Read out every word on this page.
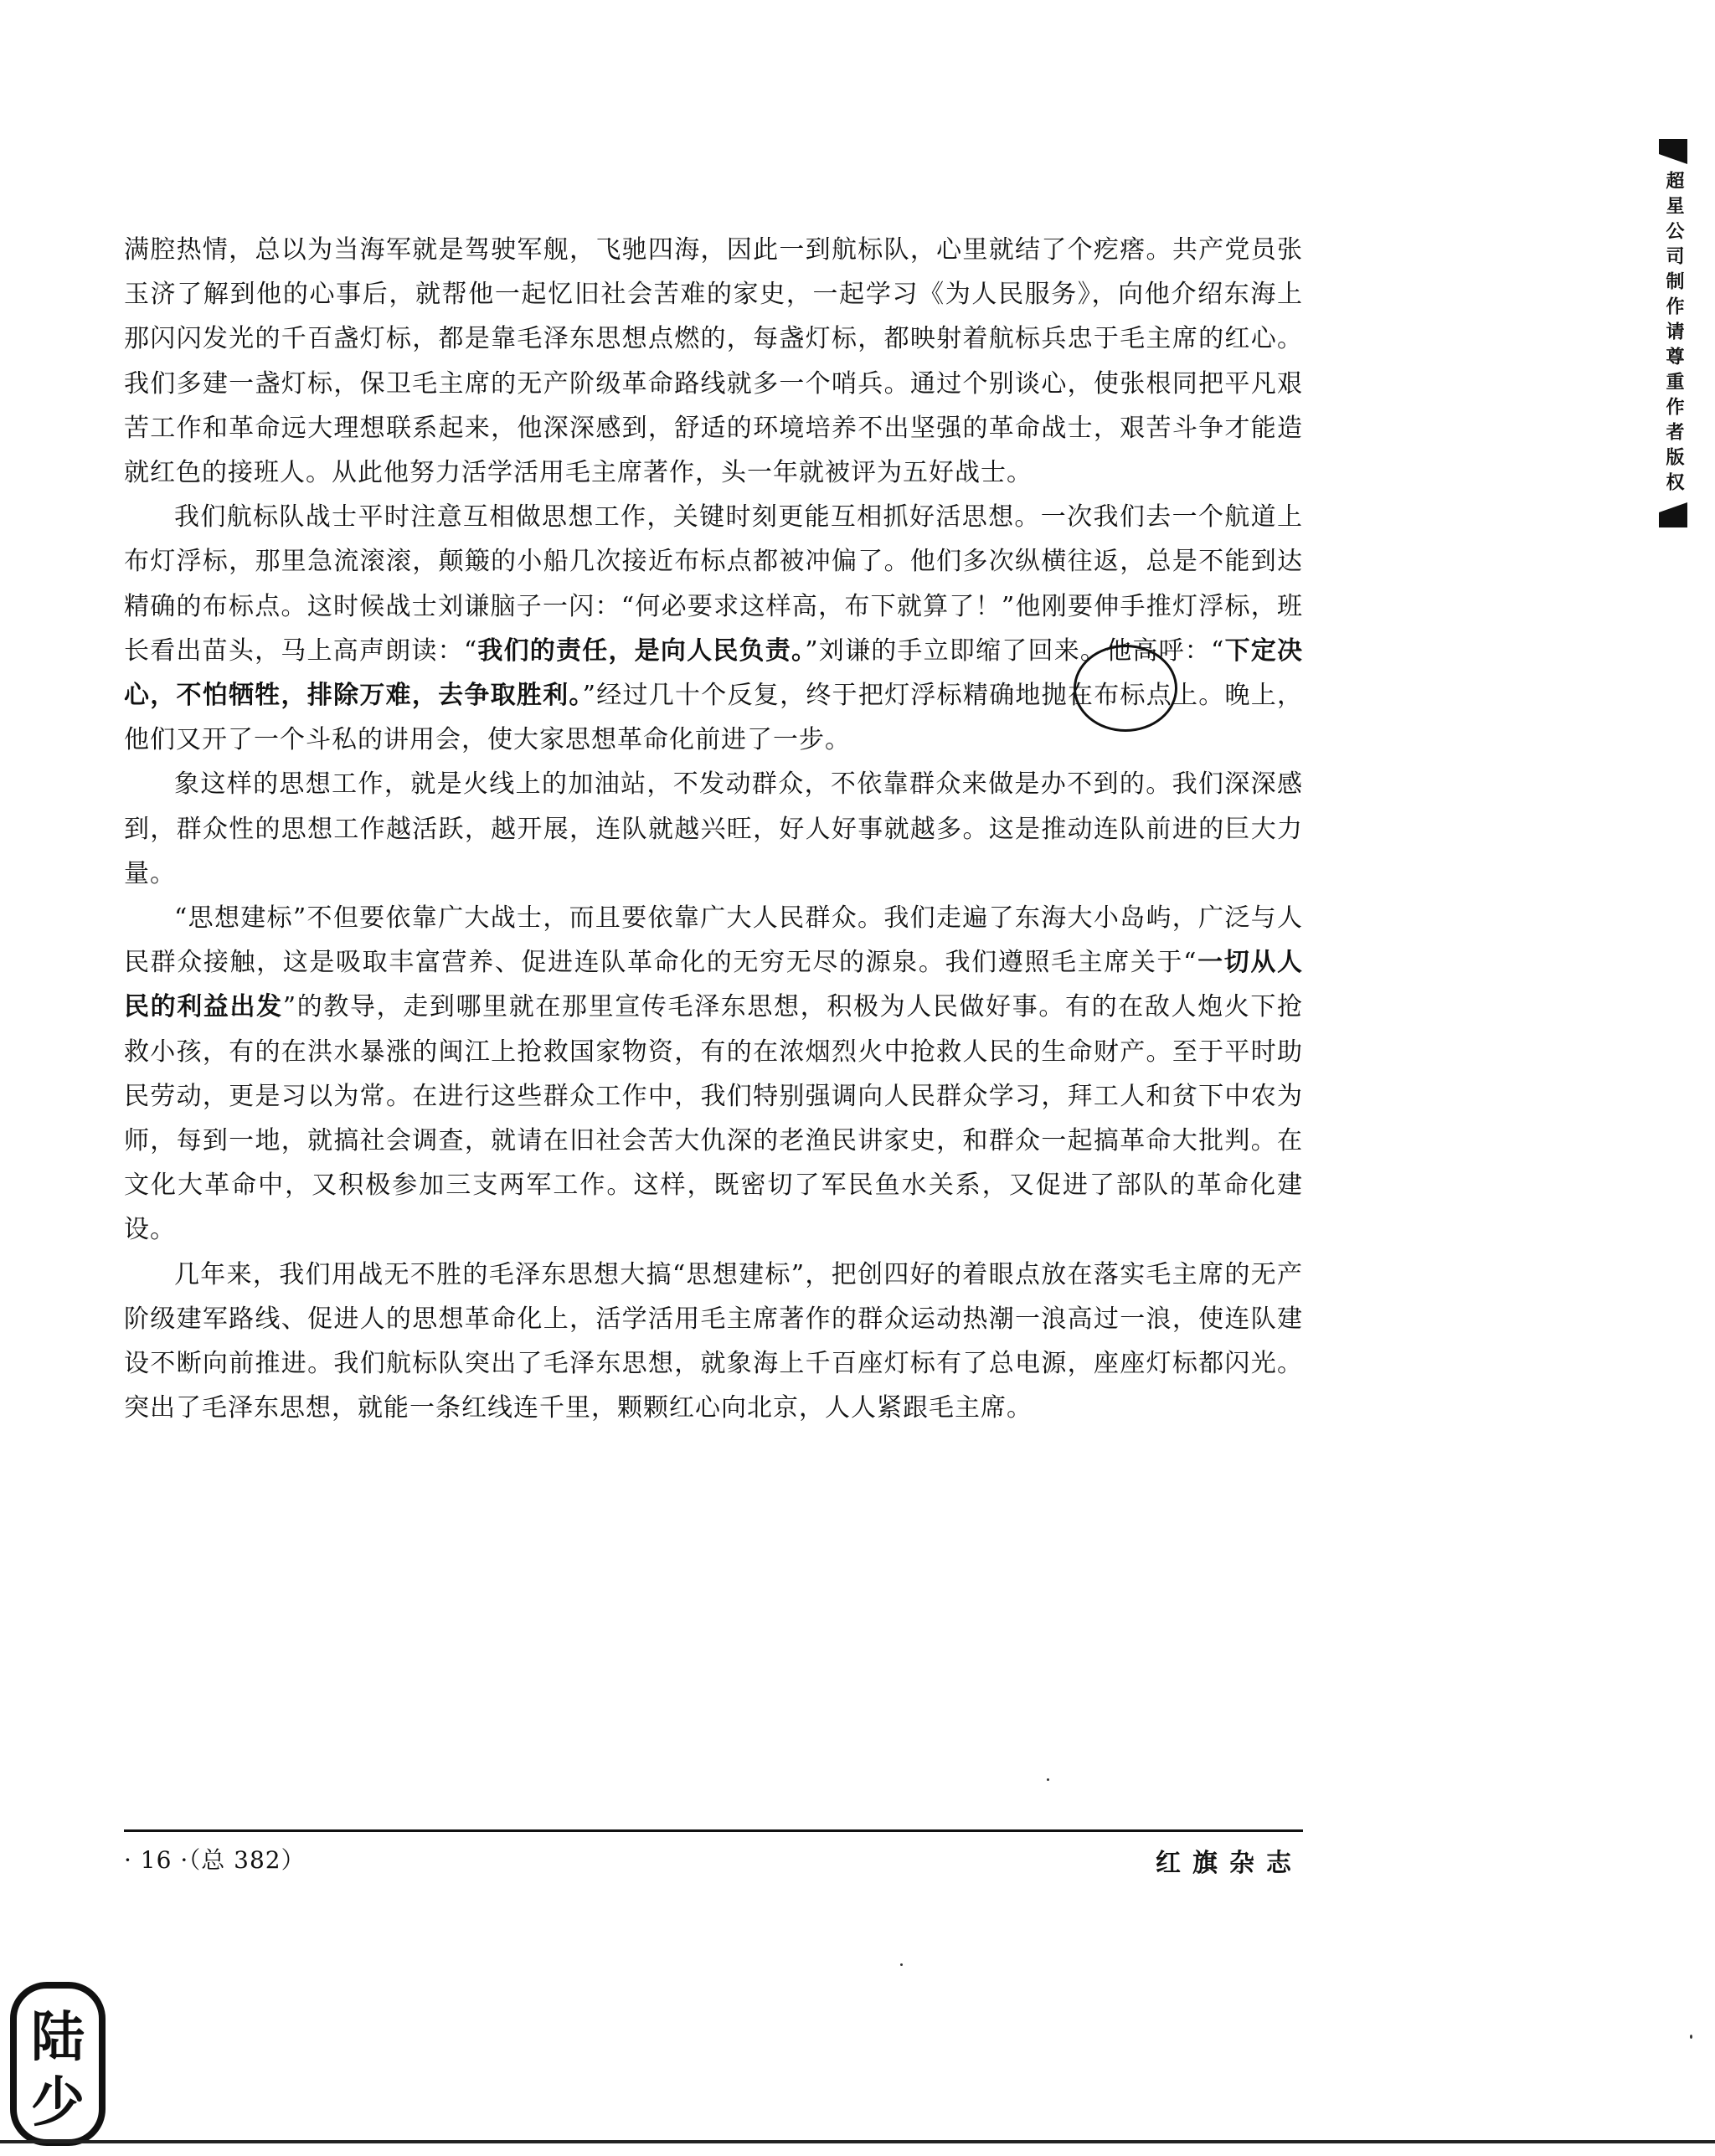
满腔热情，总以为当海军就是驾驶军舰，飞驰四海，因此一到航标队，心里就结了个疙瘩。共产党员张玉济了解到他的心事后，就帮他一起忆旧社会苦难的家史，一起学习《为人民服务》，向他介绍东海上那闪闪发光的千百盏灯标，都是靠毛泽东思想点燃的，每盏灯标，都映射着航标兵忠于毛主席的红心。我们多建一盏灯标，保卫毛主席的无产阶级革命路线就多一个哨兵。通过个别谈心，使张根同把平凡艰苦工作和革命远大理想联系起来，他深深感到，舒适的环境培养不出坚强的革命战士，艰苦斗争才能造就红色的接班人。从此他努力活学活用毛主席著作，头一年就被评为五好战士。

我们航标队战士平时注意互相做思想工作，关键时刻更能互相抓好活思想。一次我们去一个航道上布灯浮标，那里急流滚滚，颠簸的小船几次接近布标点都被冲偏了。他们多次纵横往返，总是不能到达精确的布标点。这时候战士刘谦脑子一闪：“何必要求这样高，布下就算了！”他刚要伸手推灯浮标，班长看出苗头，马上高声朗读：“我们的责任，是向人民负责。”刘谦的手立即缩了回来。他高呼：“下定决心，不怕牺牲，排除万难，去争取胜利。”经过几十个反复，终于把灯浮标精确地抛在布标点上。晚上，他们又开了一个斗私的讲用会，使大家思想革命化前进了一步。

象这样的思想工作，就是火线上的加油站，不发动群众，不依靠群众来做是办不到的。我们深深感到，群众性的思想工作越活跃，越开展，连队就越兴旺，好人好事就越多。这是推动连队前进的巨大力量。

“思想建标”不但要依靠广大战士，而且要依靠广大人民群众。我们走遍了东海大小岛屿，广泛与人民群众接触，这是吸取丰富营养、促进连队革命化的无穷无尽的源泉。我们遵照毛主席关于“一切从人民的利益出发”的教导，走到哪里就在那里宣传毛泽东思想，积极为人民做好事。有的在敌人炮火下抢救小孩，有的在洪水暴涨的闽江上抢救国家物资，有的在浓烟烈火中抢救人民的生命财产。至于平时助民劳动，更是习以为常。在进行这些群众工作中，我们特别强调向人民群众学习，拜工人和贫下中农为师，每到一地，就搞社会调查，就请在旧社会苦大仇深的老渔民讲家史，和群众一起搞革命大批判。在文化大革命中，又积极参加三支两军工作。这样，既密切了军民鱼水关系，又促进了部队的革命化建设。

几年来，我们用战无不胜的毛泽东思想大搞“思想建标”，把创四好的着眼点放在落实毛主席的无产阶级建军路线、促进人的思想革命化上，活学活用毛主席著作的群众运动热潮一浪高过一浪，使连队建设不断向前推进。我们航标队突出了毛泽东思想，就象海上千百座灯标有了总电源，座座灯标都闪光。突出了毛泽东思想，就能一条红线连千里，颗颗红心向北京，人人紧跟毛主席。

· 16 ·（总 382）	红旗杂志
超星公司制作请尊重作者版权
陆
少
